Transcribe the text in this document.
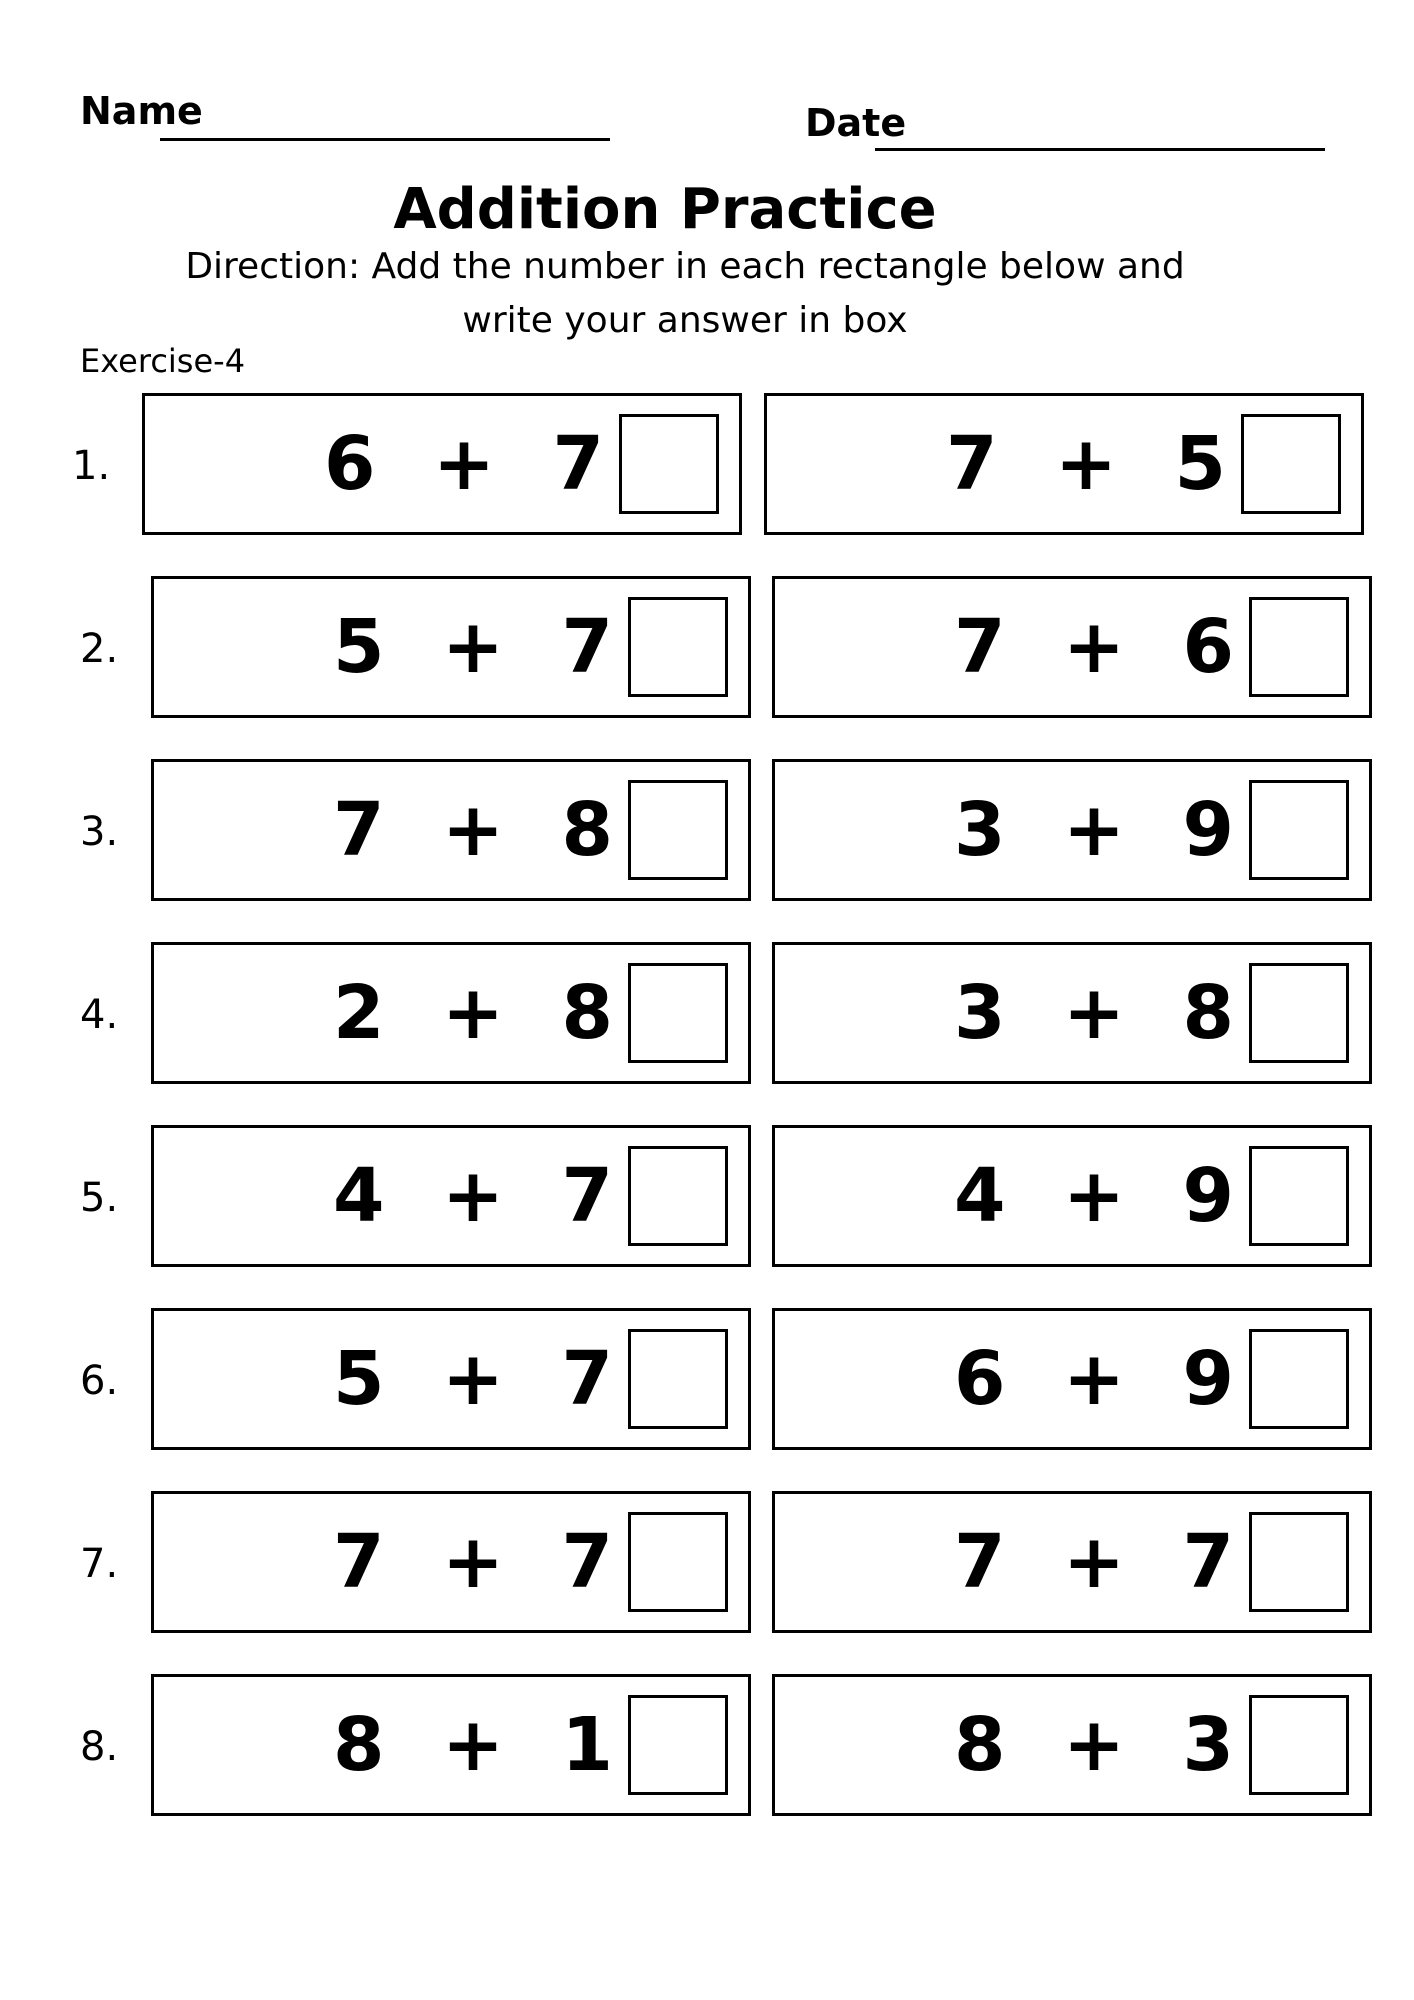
Name	Date
Addition Practice
Direction: Add the number in each rectangle below and
write your answer in box
Exercise-4
1.	6  +  7	7  +  5
2.	5  +  7	7  +  6
3.	7  +  8	3  +  9
4.	2  +  8	3  +  8
5.	4  +  7	4  +  9
6.	5  +  7	6  +  9
7.	7  +  7	7  +  7
8.	8  +  1	8  +  3
